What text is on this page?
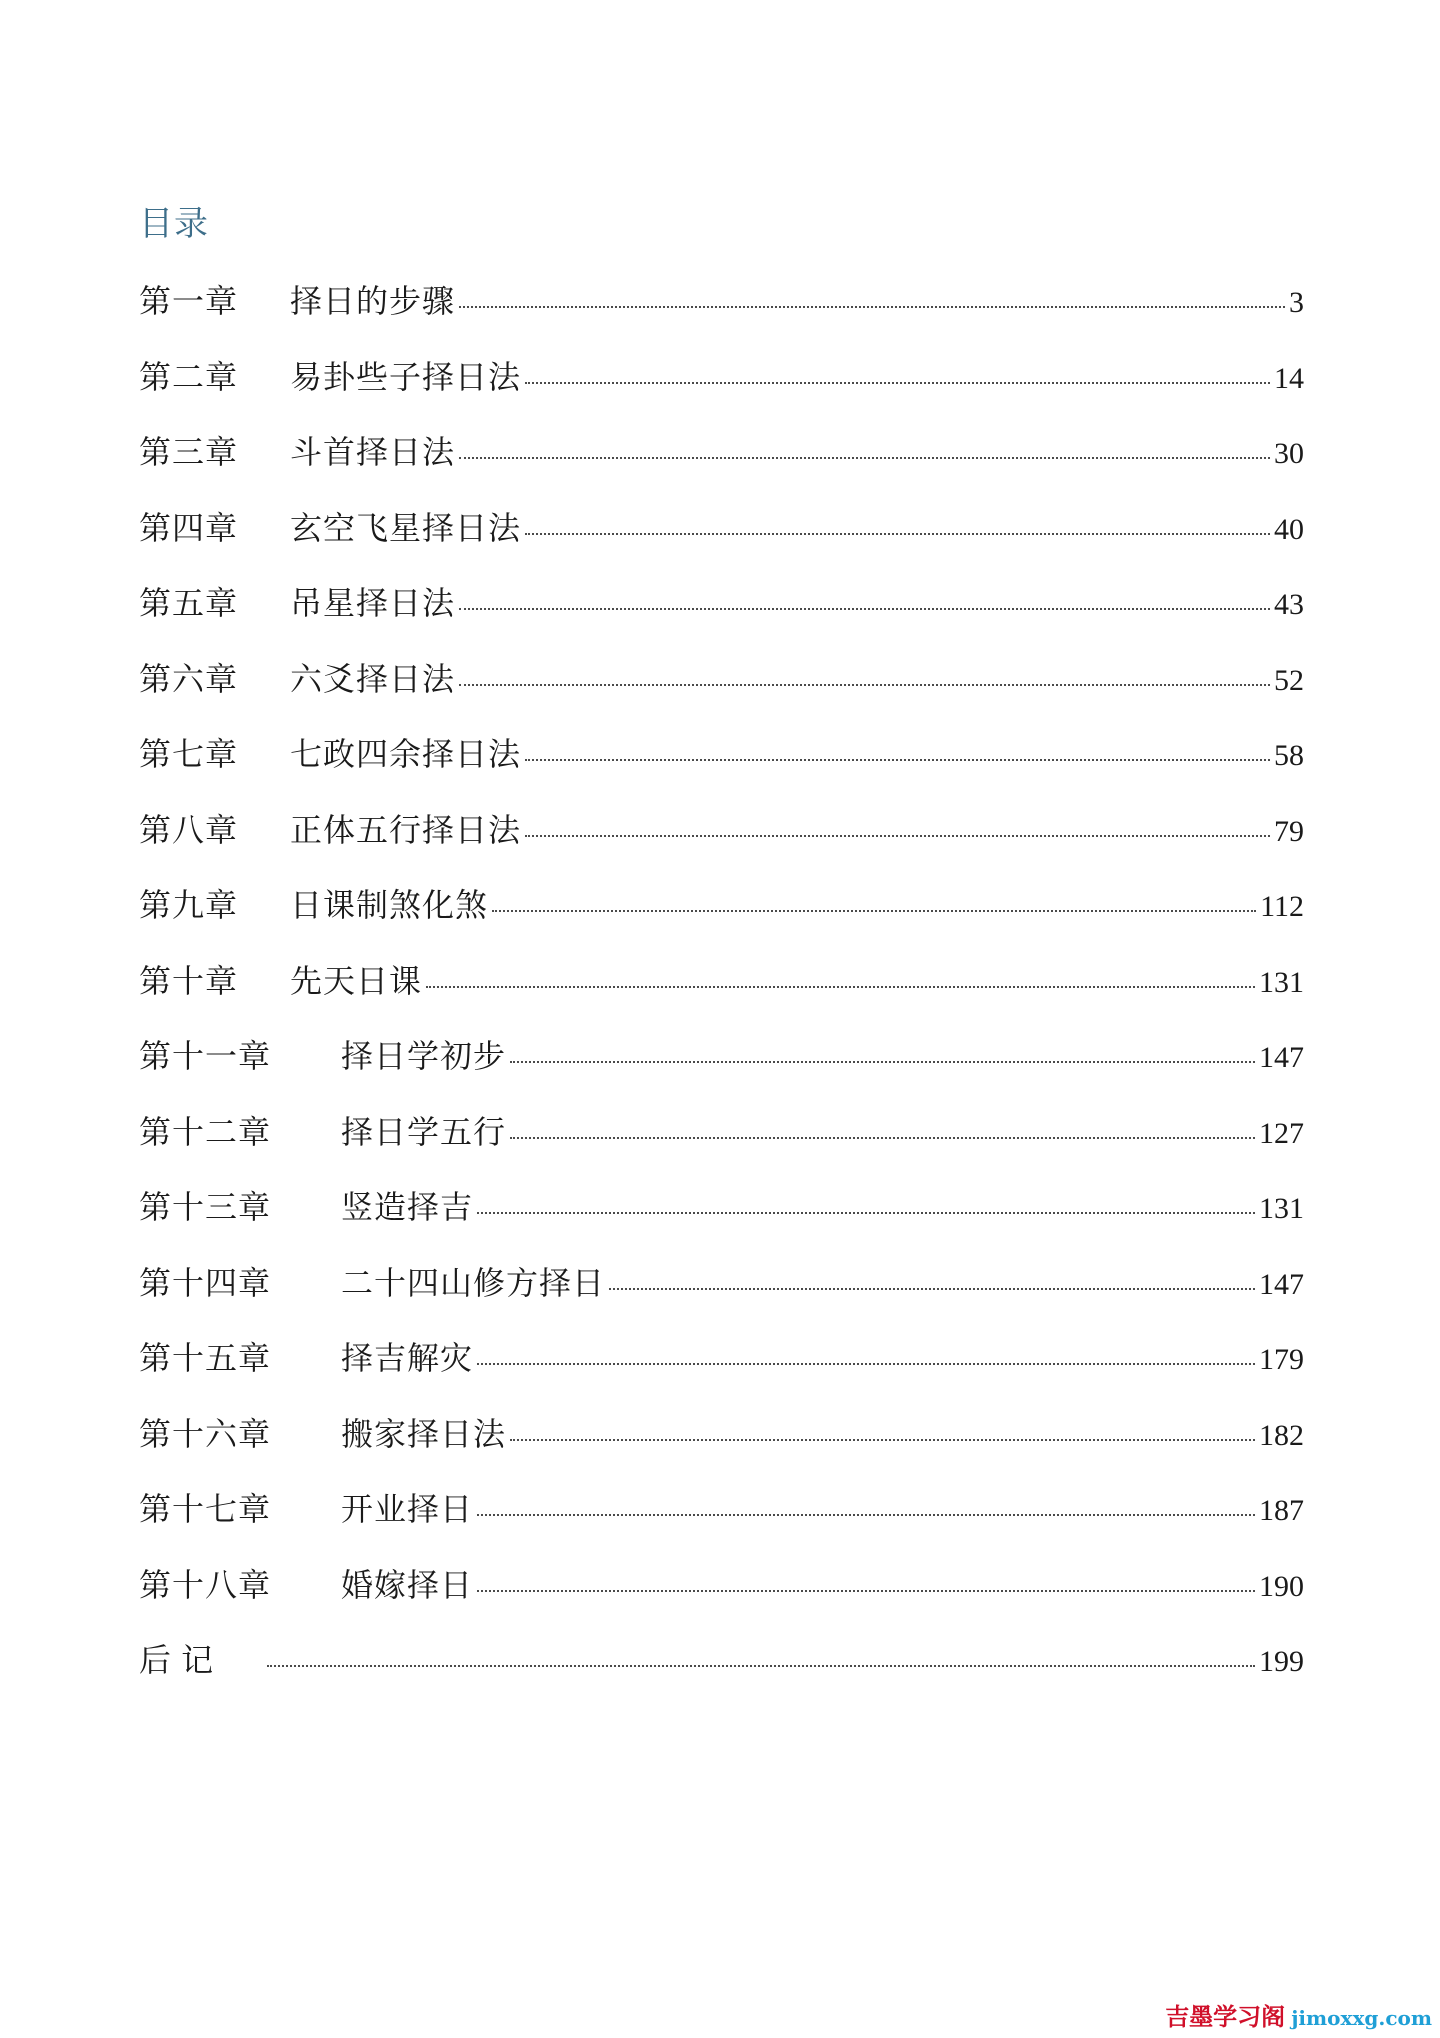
目录
第一章	择日的步骤	3
第二章	易卦些子择日法	14
第三章	斗首择日法	30
第四章	玄空飞星择日法	40
第五章	吊星择日法	43
第六章	六爻择日法	52
第七章	七政四余择日法	58
第八章	正体五行择日法	79
第九章	日课制煞化煞	112
第十章	先天日课	131
第十一章	择日学初步	147
第十二章	择日学五行	127
第十三章	竖造择吉	131
第十四章	二十四山修方择日	147
第十五章	择吉解灾	179
第十六章	搬家择日法	182
第十七章	开业择日	187
第十八章	婚嫁择日	190
后 记	199
吉墨学习阁 jimoxxg.com
